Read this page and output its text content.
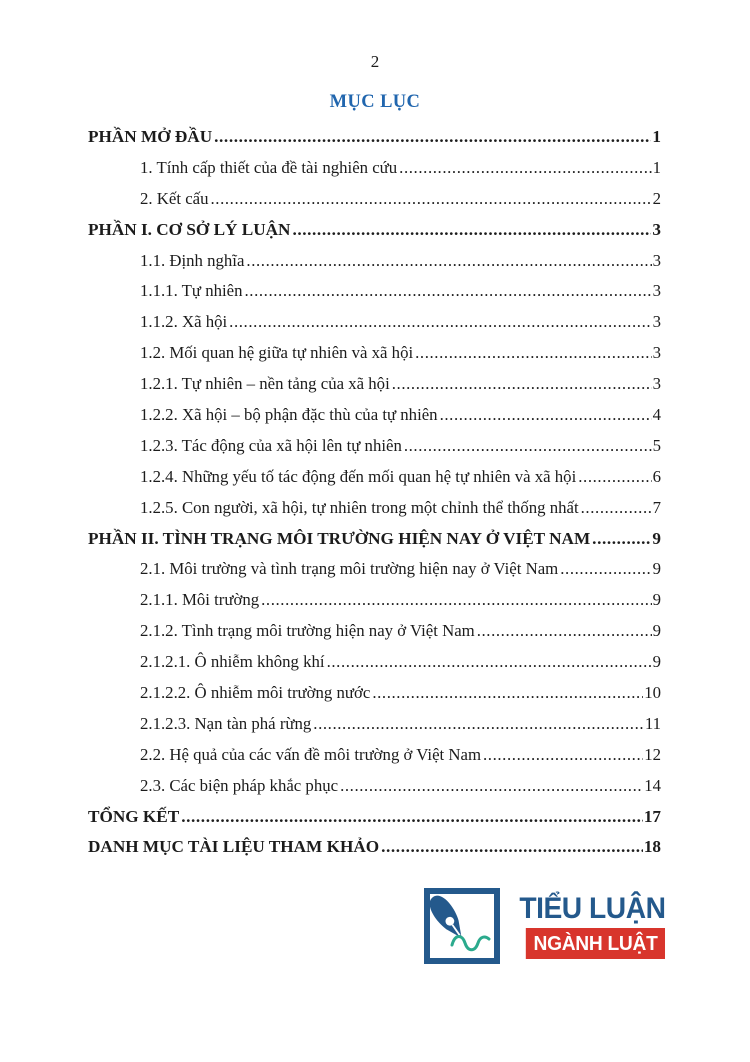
2
MỤC LỤC
PHẦN MỞ ĐẦU .....	1
1. Tính cấp thiết của đề tài nghiên cứu .....	1
2. Kết cấu .....	2
PHẦN I. CƠ SỞ LÝ LUẬN .....	3
1.1. Định nghĩa .....	3
1.1.1. Tự nhiên .....	3
1.1.2. Xã hội .....	3
1.2. Mối quan hệ giữa tự nhiên và xã hội .....	3
1.2.1. Tự nhiên – nền tảng của xã hội .....	3
1.2.2. Xã hội – bộ phận đặc thù của tự nhiên .....	4
1.2.3. Tác động của xã hội lên tự nhiên .....	5
1.2.4. Những yếu tố tác động đến mối quan hệ tự nhiên và xã hội .....	6
1.2.5. Con người, xã hội, tự nhiên trong một chỉnh thể thống nhất .....	7
PHẦN II. TÌNH TRẠNG MÔI TRƯỜNG HIỆN NAY Ở VIỆT NAM .....	9
2.1. Môi trường và tình trạng môi trường hiện nay ở Việt Nam .....	9
2.1.1. Môi trường .....	9
2.1.2. Tình trạng môi trường hiện nay ở Việt Nam .....	9
2.1.2.1. Ô nhiễm không khí .....	9
2.1.2.2. Ô nhiễm môi trường nước .....	10
2.1.2.3. Nạn tàn phá rừng .....	11
2.2. Hệ quả của các vấn đề môi trường ở Việt Nam .....	12
2.3. Các biện pháp khắc phục .....	14
TỔNG KẾT .....	17
DANH MỤC TÀI LIỆU THAM KHẢO .....	18
TIỂU LUẬN
NGÀNH LUẬT
